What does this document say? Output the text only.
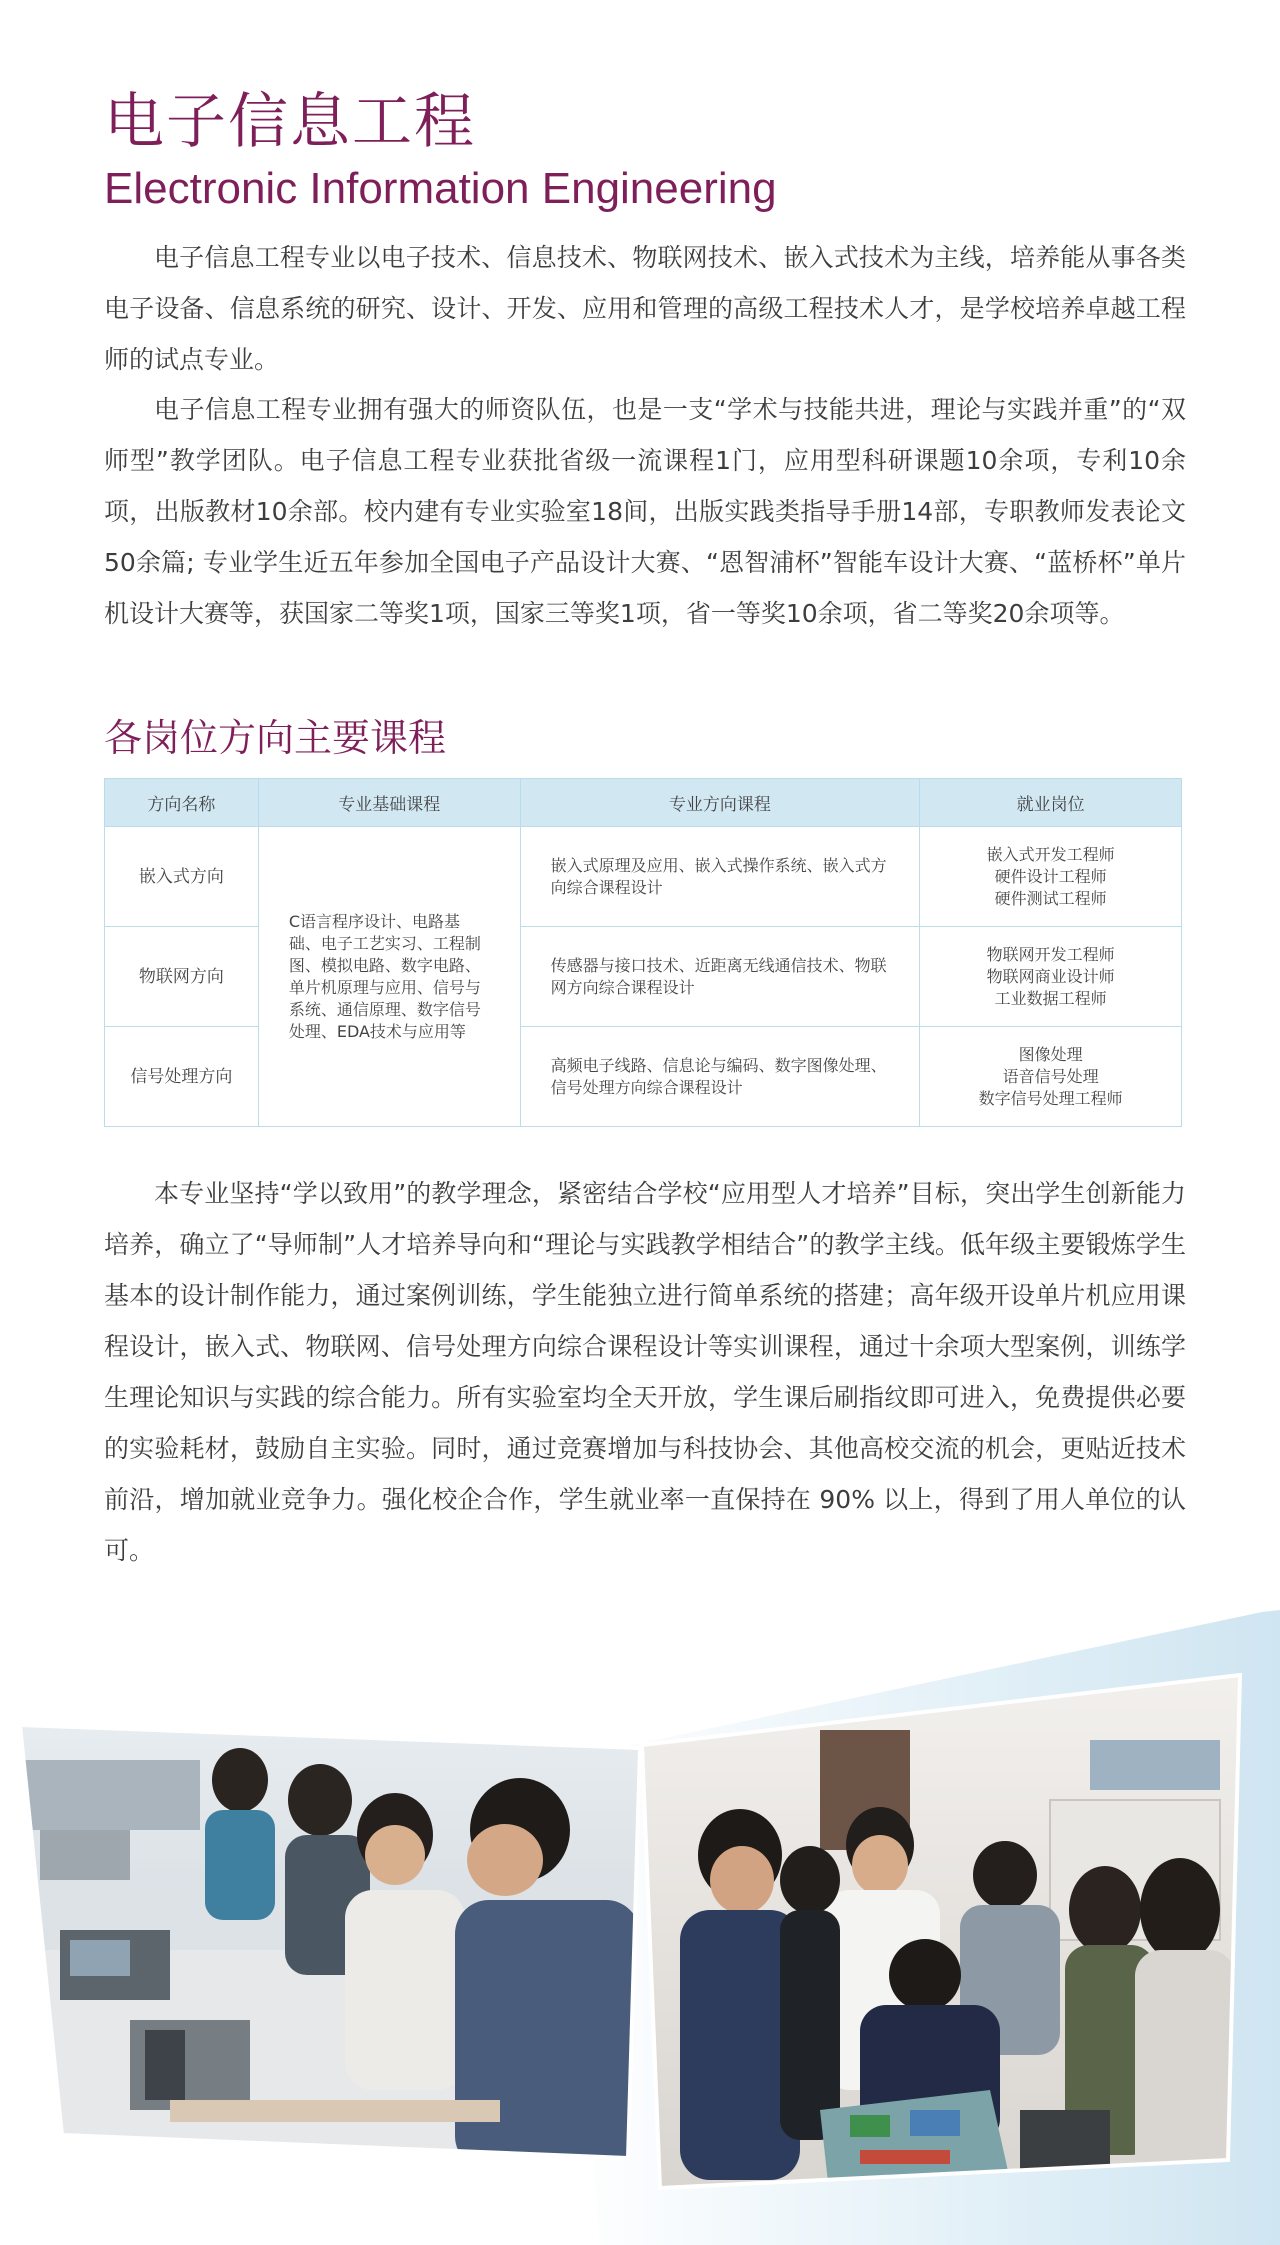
电子信息工程
Electronic Information Engineering

电子信息工程专业以电子技术、信息技术、物联网技术、嵌入式技术为主线，培养能从事各类电子设备、信息系统的研究、设计、开发、应用和管理的高级工程技术人才，是学校培养卓越工程师的试点专业。

电子信息工程专业拥有强大的师资队伍，也是一支“学术与技能共进，理论与实践并重”的“双师型”教学团队。电子信息工程专业获批省级一流课程1门，应用型科研课题10余项，专利10余项，出版教材10余部。校内建有专业实验室18间，出版实践类指导手册14部，专职教师发表论文50余篇; 专业学生近五年参加全国电子产品设计大赛、“恩智浦杯”智能车设计大赛、“蓝桥杯”单片机设计大赛等，获国家二等奖1项，国家三等奖1项，省一等奖10余项，省二等奖20余项等。

各岗位方向主要课程
方向名称	专业基础课程	专业方向课程	就业岗位
嵌入式方向	C语言程序设计、电路基础、电子工艺实习、工程制图、模拟电路、数字电路、单片机原理与应用、信号与系统、通信原理、数字信号处理、EDA技术与应用等	嵌入式原理及应用、嵌入式操作系统、嵌入式方向综合课程设计	嵌入式开发工程师
硬件设计工程师
硬件测试工程师

物联网方向		传感器与接口技术、近距离无线通信技术、物联网方向综合课程设计	物联网开发工程师
物联网商业设计师
工业数据工程师

信号处理方向		高频电子线路、信息论与编码、数字图像处理、信号处理方向综合课程设计	图像处理
语音信号处理
数字信号处理工程师

本专业坚持“学以致用”的教学理念，紧密结合学校“应用型人才培养”目标，突出学生创新能力培养，确立了“导师制”人才培养导向和“理论与实践教学相结合”的教学主线。低年级主要锻炼学生基本的设计制作能力，通过案例训练，学生能独立进行简单系统的搭建；高年级开设单片机应用课程设计，嵌入式、物联网、信号处理方向综合课程设计等实训课程，通过十余项大型案例，训练学生理论知识与实践的综合能力。所有实验室均全天开放，学生课后刷指纹即可进入，免费提供必要的实验耗材，鼓励自主实验。同时，通过竞赛增加与科技协会、其他高校交流的机会，更贴近技术前沿，增加就业竞争力。强化校企合作，学生就业率一直保持在 90% 以上，得到了用人单位的认可。
